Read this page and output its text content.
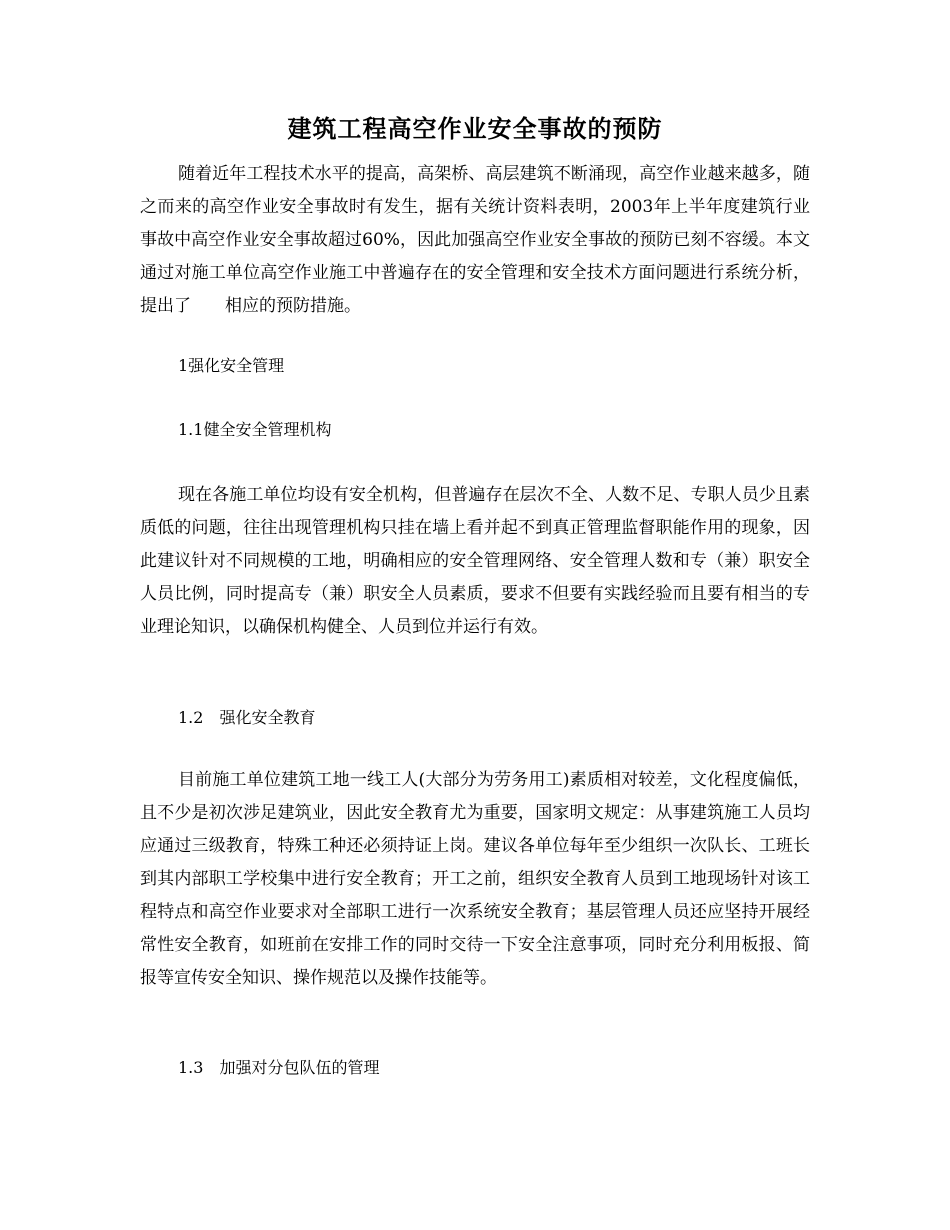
建筑工程高空作业安全事故的预防

随着近年工程技术水平的提高，高架桥、高层建筑不断涌现，高空作业越来越多，随之而来的高空作业安全事故时有发生，据有关统计资料表明，2003年上半年度建筑行业事故中高空作业安全事故超过60%，因此加强高空作业安全事故的预防已刻不容缓。本文通过对施工单位高空作业施工中普遍存在的安全管理和安全技术方面问题进行系统分析，提出了　　相应的预防措施。

1强化安全管理

1.1健全安全管理机构

现在各施工单位均设有安全机构，但普遍存在层次不全、人数不足、专职人员少且素质低的问题，往往出现管理机构只挂在墙上看并起不到真正管理监督职能作用的现象，因此建议针对不同规模的工地，明确相应的安全管理网络、安全管理人数和专（兼）职安全人员比例，同时提高专（兼）职安全人员素质，要求不但要有实践经验而且要有相当的专业理论知识，以确保机构健全、人员到位并运行有效。

1.2　强化安全教育

目前施工单位建筑工地一线工人(大部分为劳务用工)素质相对较差，文化程度偏低，且不少是初次涉足建筑业，因此安全教育尤为重要，国家明文规定：从事建筑施工人员均应通过三级教育，特殊工种还必须持证上岗。建议各单位每年至少组织一次队长、工班长到其内部职工学校集中进行安全教育；开工之前，组织安全教育人员到工地现场针对该工程特点和高空作业要求对全部职工进行一次系统安全教育；基层管理人员还应坚持开展经常性安全教育，如班前在安排工作的同时交待一下安全注意事项，同时充分利用板报、简报等宣传安全知识、操作规范以及操作技能等。

1.3　加强对分包队伍的管理
